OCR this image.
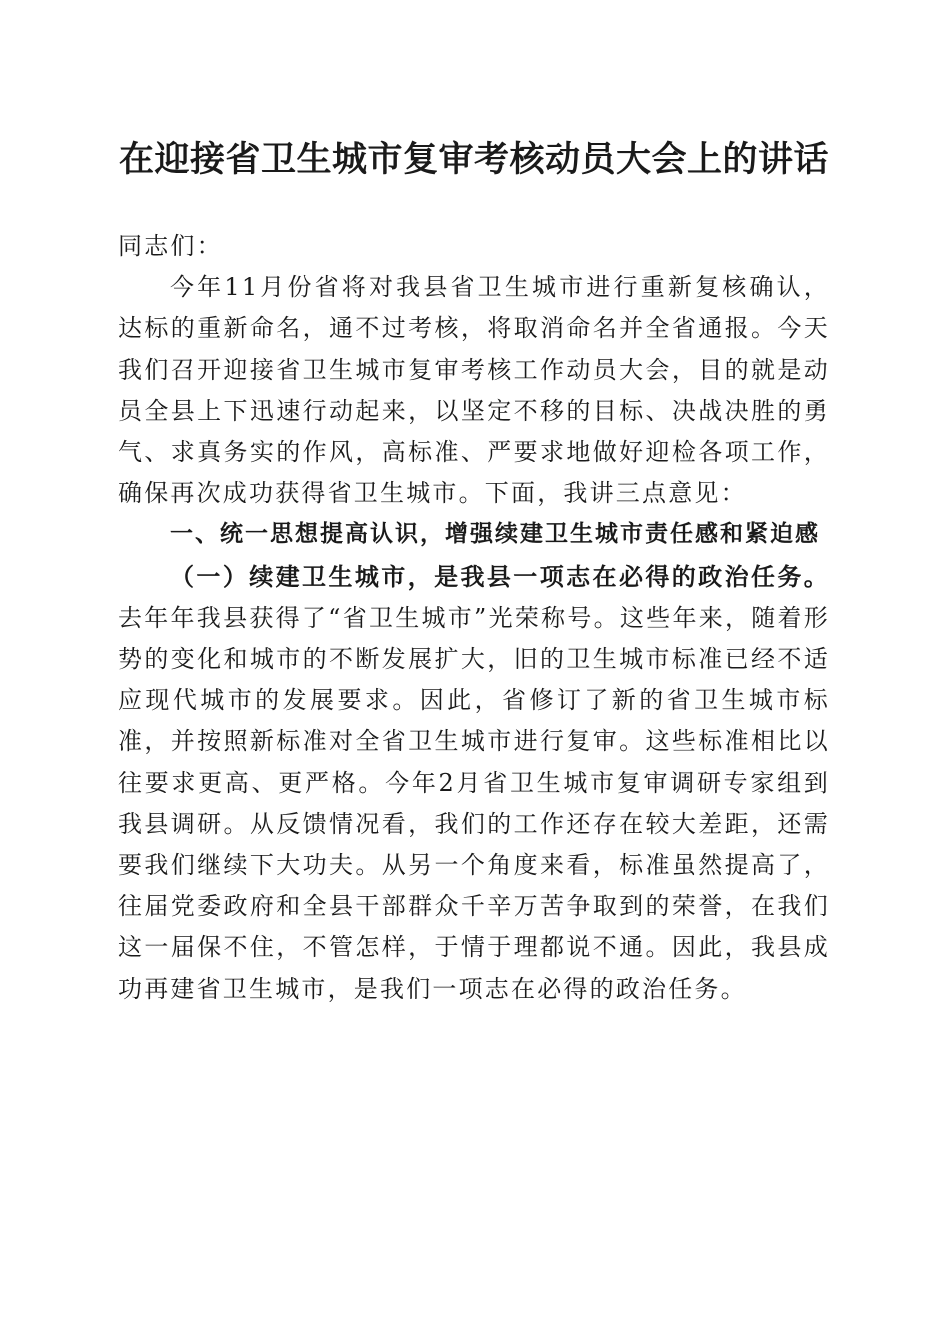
在迎接省卫生城市复审考核动员大会上的讲话

同志们：

今年11月份省将对我县省卫生城市进行重新复核确认，达标的重新命名，通不过考核，将取消命名并全省通报。今天我们召开迎接省卫生城市复审考核工作动员大会，目的就是动员全县上下迅速行动起来，以坚定不移的目标、决战决胜的勇气、求真务实的作风，高标准、严要求地做好迎检各项工作，确保再次成功获得省卫生城市。下面，我讲三点意见：

一、统一思想提高认识，增强续建卫生城市责任感和紧迫感

（一）续建卫生城市，是我县一项志在必得的政治任务。去年年我县获得了“省卫生城市”光荣称号。这些年来，随着形势的变化和城市的不断发展扩大，旧的卫生城市标准已经不适应现代城市的发展要求。因此，省修订了新的省卫生城市标准，并按照新标准对全省卫生城市进行复审。这些标准相比以往要求更高、更严格。今年2月省卫生城市复审调研专家组到我县调研。从反馈情况看，我们的工作还存在较大差距，还需要我们继续下大功夫。从另一个角度来看，标准虽然提高了，往届党委政府和全县干部群众千辛万苦争取到的荣誉，在我们这一届保不住，不管怎样，于情于理都说不通。因此，我县成功再建省卫生城市，是我们一项志在必得的政治任务。
